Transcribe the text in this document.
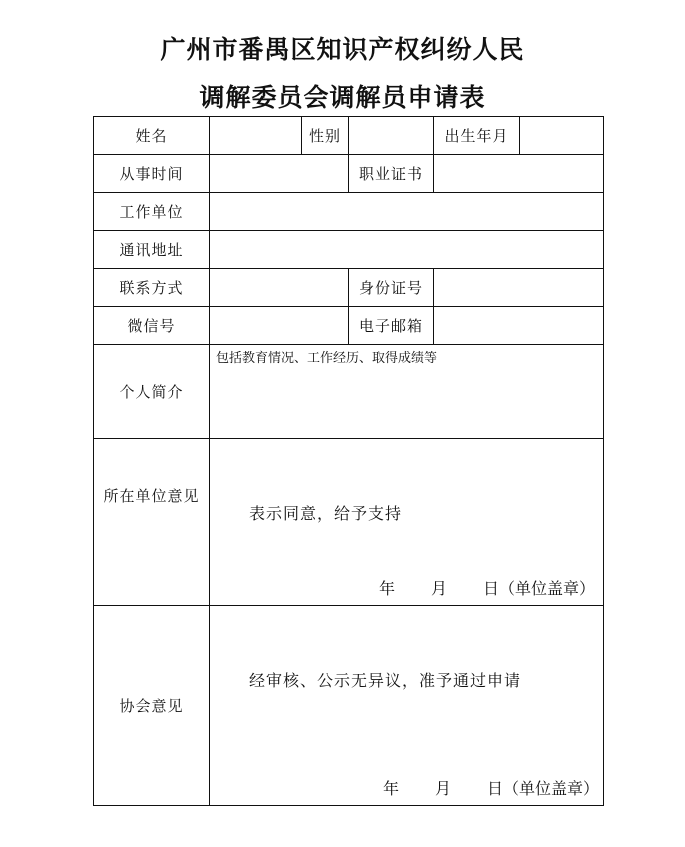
广州市番禺区知识产权纠纷人民
调解委员会调解员申请表
姓名	性别	出生年月
从事时间	职业证书
工作单位
通讯地址
联系方式	身份证号
微信号	电子邮箱
个人简介
包括教育情况、工作经历、取得成绩等
所在单位意见
表示同意，给予支持
年 月 日（单位盖章）
协会意见
经审核、公示无异议，准予通过申请
年 月 日（单位盖章）
